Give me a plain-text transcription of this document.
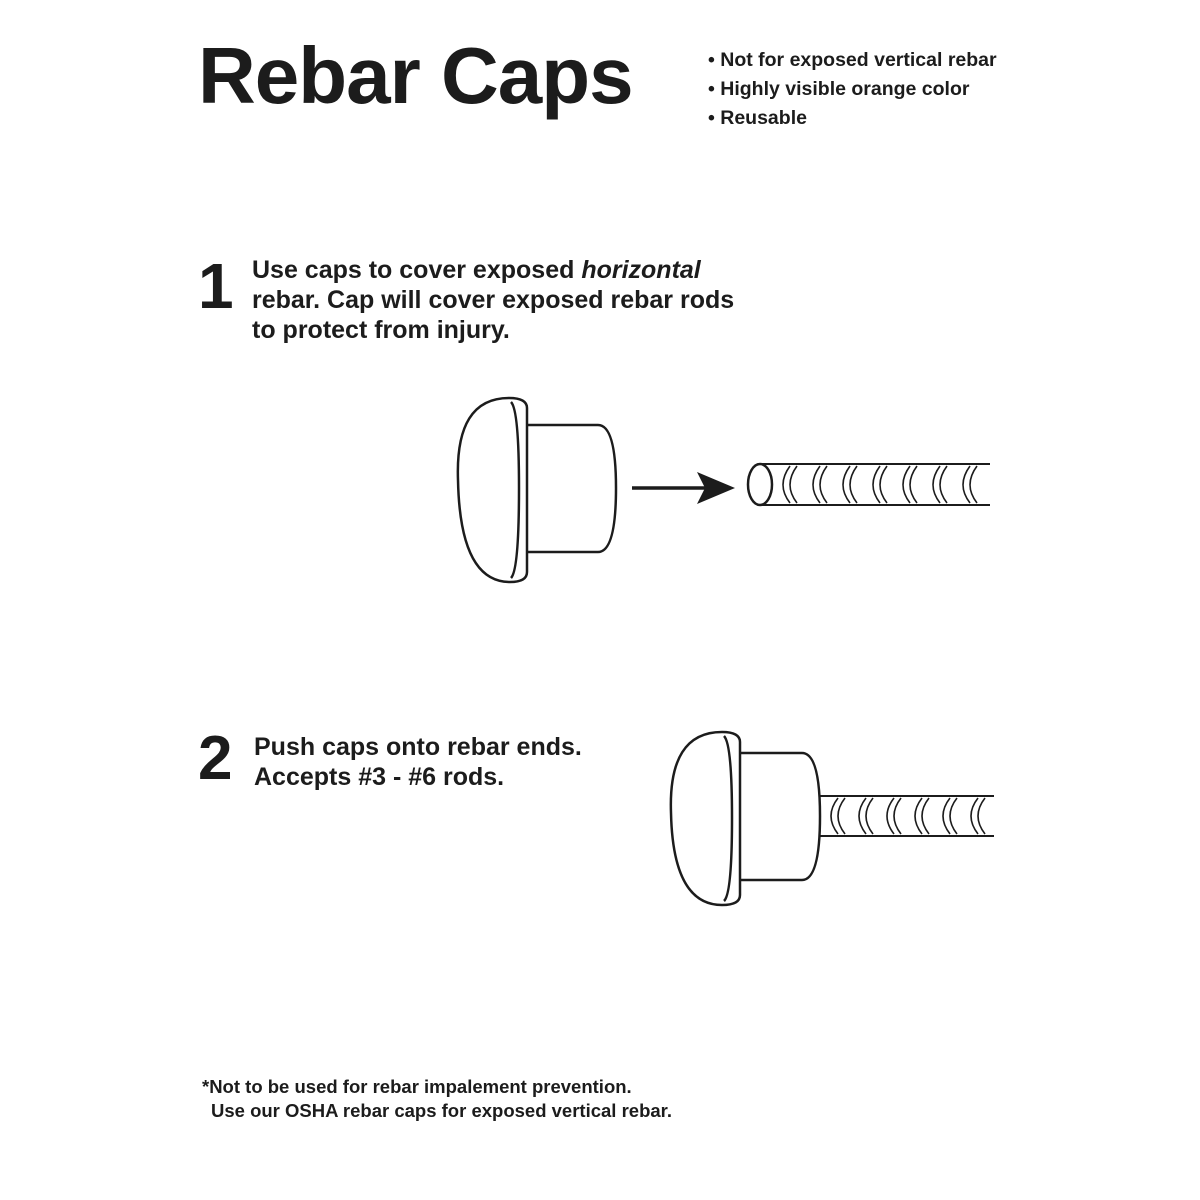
Rebar Caps
•	Not for exposed vertical rebar
• Highly visible orange color
• Reusable
1 Use caps to cover exposed horizontal rebar. Cap will cover exposed rebar rods to protect from injury.

2 Push caps onto rebar ends.
Accepts #3 - #6 rods.

*Not to be used for rebar impalement prevention.
Use our OSHA rebar caps for exposed vertical rebar.
